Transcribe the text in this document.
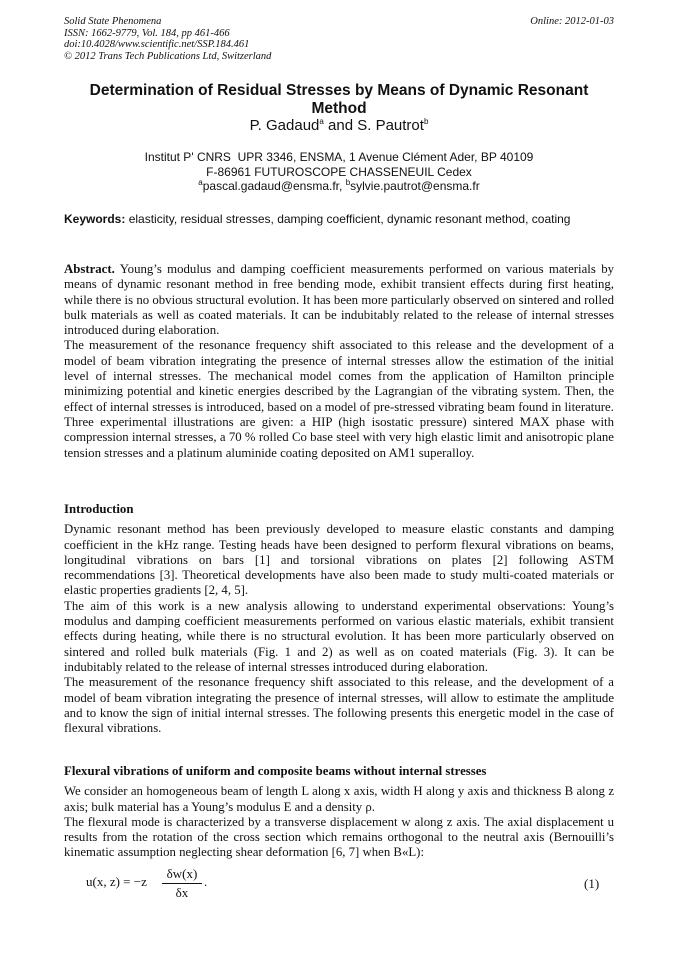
Solid State Phenomena
ISSN: 1662-9779, Vol. 184, pp 461-466
doi:10.4028/www.scientific.net/SSP.184.461
© 2012 Trans Tech Publications Ltd, Switzerland
Online: 2012-01-03
Determination of Residual Stresses by Means of Dynamic Resonant Method
P. Gadaud$^a$ and S. Pautrot$^b$
Institut P' CNRS  UPR 3346, ENSMA, 1 Avenue Clément Ader, BP 40109
F-86961 FUTUROSCOPE CHASSENEUIL Cedex
$^a$pascal.gadaud@ensma.fr, $^b$sylvie.pautrot@ensma.fr
Keywords: elasticity, residual stresses, damping coefficient, dynamic resonant method, coating

Abstract. Young’s modulus and damping coefficient measurements performed on various materials by means of dynamic resonant method in free bending mode, exhibit transient effects during first heating, while there is no obvious structural evolution. It has been more particularly observed on sintered and rolled bulk materials as well as coated materials. It can be indubitably related to the release of internal stresses introduced during elaboration.

The measurement of the resonance frequency shift associated to this release and the development of a model of beam vibration integrating the presence of internal stresses allow the estimation of the initial level of internal stresses. The mechanical model comes from the application of Hamilton principle minimizing potential and kinetic energies described by the Lagrangian of the vibrating system. Then, the effect of internal stresses is introduced, based on a model of pre-stressed vibrating beam found in literature.

Three experimental illustrations are given: a HIP (high isostatic pressure) sintered MAX phase with compression internal stresses, a 70 % rolled Co base steel with very high elastic limit and anisotropic plane tension stresses and a platinum aluminide coating deposited on AM1 superalloy.

Introduction

Dynamic resonant method has been previously developed to measure elastic constants and damping coefficient in the kHz range. Testing heads have been designed to perform flexural vibrations on beams, longitudinal vibrations on bars [1] and torsional vibrations on plates [2] following ASTM recommendations [3]. Theoretical developments have also been made to study multi-coated materials or elastic properties gradients [2, 4, 5].

The aim of this work is a new analysis allowing to understand experimental observations: Young’s modulus and damping coefficient measurements performed on various elastic materials, exhibit transient effects during heating, while there is no structural evolution. It has been more particularly observed on sintered and rolled bulk materials (Fig. 1 and 2) as well as on coated materials (Fig. 3). It can be indubitably related to the release of internal stresses introduced during elaboration.

The measurement of the resonance frequency shift associated to this release, and the development of a model of beam vibration integrating the presence of internal stresses, will allow to estimate the amplitude and to know the sign of initial internal stresses. The following presents this energetic model in the case of flexural vibrations.

Flexural vibrations of uniform and composite beams without internal stresses

We consider an homogeneous beam of length L along x axis, width H along y axis and thickness B along z axis; bulk material has a Young’s modulus E and a density ρ.

The flexural mode is characterized by a transverse displacement w along z axis. The axial displacement u results from the rotation of the cross section which remains orthogonal to the neutral axis (Bernouilli’s kinematic assumption neglecting shear deformation [6, 7] when B«L):

u(x, $z) = -z \frac{\delta w(x)}{\delta x}$ .	(1)
